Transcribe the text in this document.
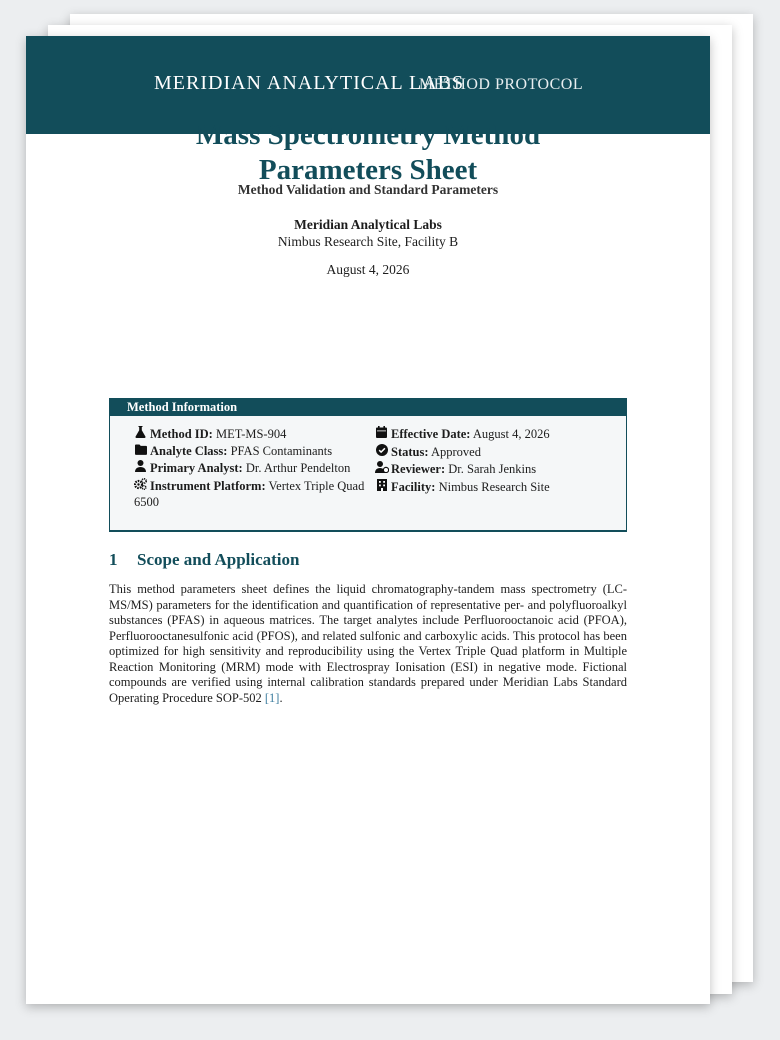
MERIDIAN ANALYTICAL LABS
METHOD PROTOCOL
Mass Spectrometry Method
Parameters Sheet
Method Validation and Standard Parameters
Meridian Analytical Labs
Nimbus Research Site, Facility B
August 4, 2026
Method Information
Method ID: MET-MS-904
Analyte Class: PFAS Contaminants
Primary Analyst: Dr. Arthur Pendelton
Instrument Platform: Vertex Triple Quad 6500
Effective Date: August 4, 2026
Status: Approved
Reviewer: Dr. Sarah Jenkins
Facility: Nimbus Research Site
1 Scope and Application
This method parameters sheet defines the liquid chromatography-tandem mass spectrometry (LC-MS/MS) parameters for the identification and quantification of representative per- and polyfluoroalkyl substances (PFAS) in aqueous matrices. The target analytes include Perfluorooctanoic acid (PFOA), Perfluorooctanesulfonic acid (PFOS), and related sulfonic and carboxylic acids. This protocol has been optimized for high sensitivity and reproducibility using the Vertex Triple Quad platform in Multiple Reaction Monitoring (MRM) mode with Electrospray Ionisation (ESI) in negative mode. Fictional compounds are verified using internal calibration standards prepared under Meridian Labs Standard Operating Procedure SOP-502 [1].
